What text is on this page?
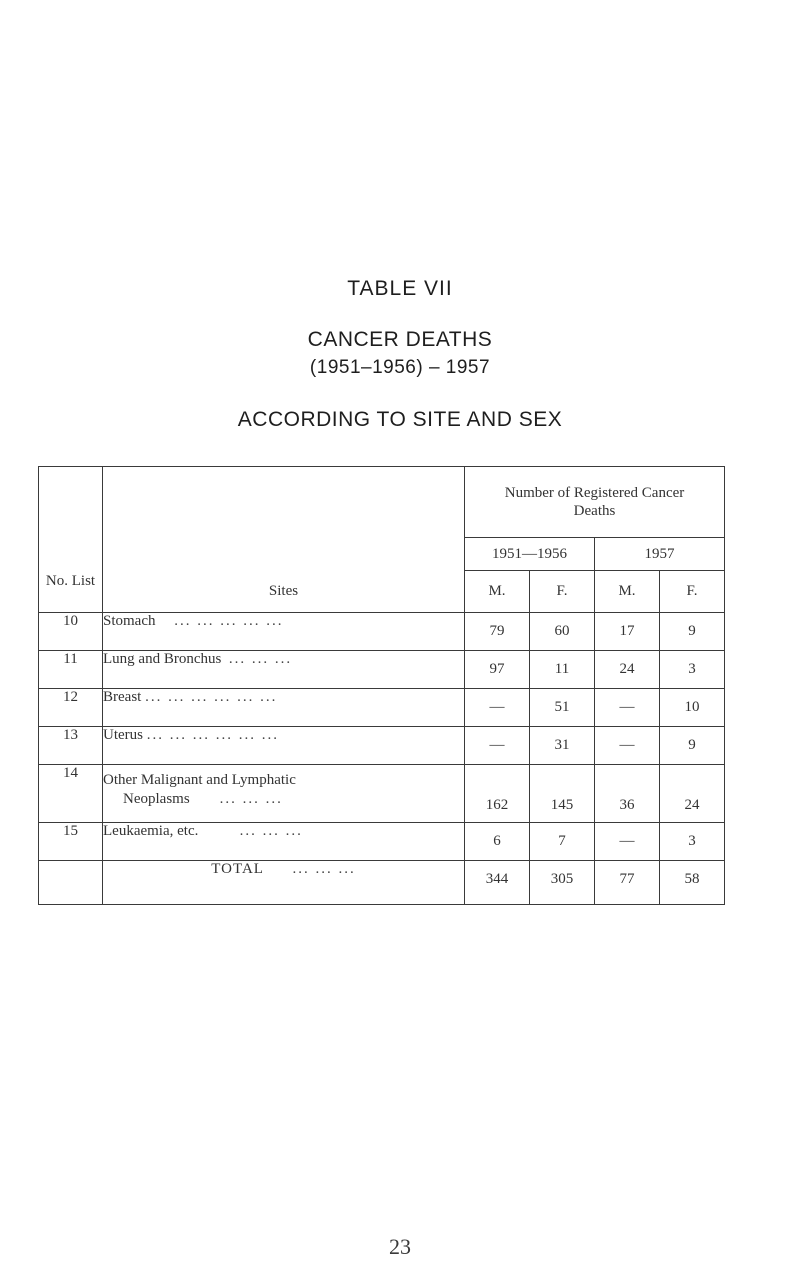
TABLE VII
CANCER DEATHS
(1951–1956) – 1957
ACCORDING TO SITE AND SEX
No. List	Sites	Number of Registered Cancer Deaths			
		1951—1956		1957	
		M.	F.	M.	F.
10	Stomach ... ... ... ... ...	79	60	17	9
11	Lung and Bronchus ... ... ...	97	11	24	3
12	Breast ... ... ... ... ... ...	—	51	—	10
13	Uterus ... ... ... ... ... ...	—	31	—	9
14	Other Malignant and Lymphatic
Neoplasms ... ... ...	162	145	36	24
15	Leukaemia, etc. ... ... ...	6	7	—	3
	TOTAL ... ... ...	344	305	77	58
23
